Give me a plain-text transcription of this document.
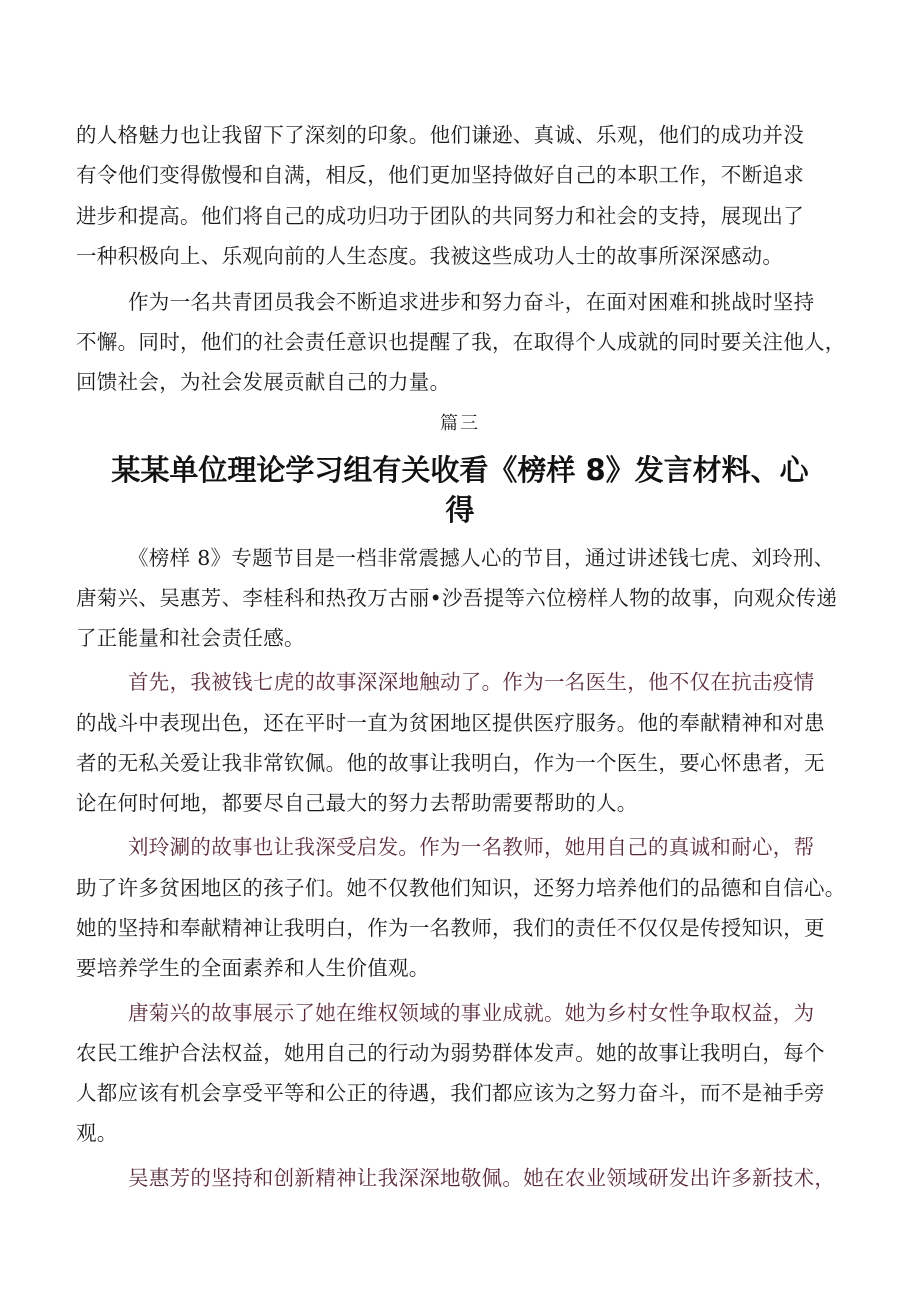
的人格魅力也让我留下了深刻的印象。他们谦逊、真诚、乐观，他们的成功并没
有令他们变得傲慢和自满，相反，他们更加坚持做好自己的本职工作，不断追求
进步和提高。他们将自己的成功归功于团队的共同努力和社会的支持，展现出了
一种积极向上、乐观向前的人生态度。我被这些成功人士的故事所深深感动。
作为一名共青团员我会不断追求进步和努力奋斗，在面对困难和挑战时坚持
不懈。同时，他们的社会责任意识也提醒了我，在取得个人成就的同时要关注他人，
回馈社会，为社会发展贡献自己的力量。
篇三
某某单位理论学习组有关收看《榜样 8》发言材料、心
得
《榜样 8》专题节目是一档非常震撼人心的节目，通过讲述钱七虎、刘玲刑、
唐菊兴、吴惠芳、李桂科和热孜万古丽•沙吾提等六位榜样人物的故事，向观众传递
了正能量和社会责任感。
首先，我被钱七虎的故事深深地触动了。作为一名医生，他不仅在抗击疫情
的战斗中表现出色，还在平时一直为贫困地区提供医疗服务。他的奉献精神和对患
者的无私关爱让我非常钦佩。他的故事让我明白，作为一个医生，要心怀患者，无
论在何时何地，都要尽自己最大的努力去帮助需要帮助的人。
刘玲涮的故事也让我深受启发。作为一名教师，她用自己的真诚和耐心，帮
助了许多贫困地区的孩子们。她不仅教他们知识，还努力培养他们的品德和自信心。
她的坚持和奉献精神让我明白，作为一名教师，我们的责任不仅仅是传授知识，更
要培养学生的全面素养和人生价值观。
唐菊兴的故事展示了她在维权领域的事业成就。她为乡村女性争取权益，为
农民工维护合法权益，她用自己的行动为弱势群体发声。她的故事让我明白，每个
人都应该有机会享受平等和公正的待遇，我们都应该为之努力奋斗，而不是袖手旁
观。
吴惠芳的坚持和创新精神让我深深地敬佩。她在农业领域研发出许多新技术，
